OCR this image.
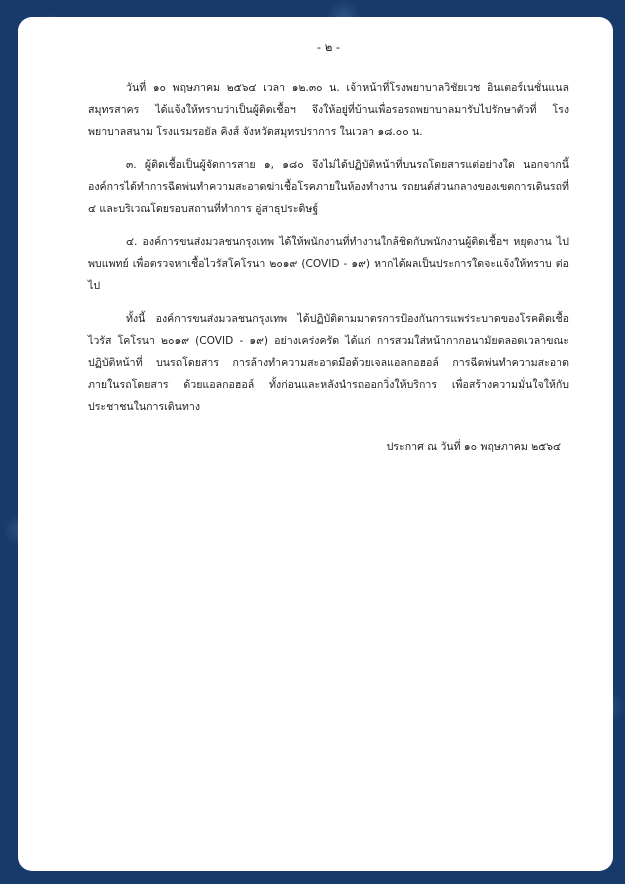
- ๒ -

วันที่ ๑๐ พฤษภาคม ๒๕๖๔ เวลา ๑๒.๓๐ น. เจ้าหน้าที่โรงพยาบาลวิชัยเวช อินเตอร์เนชั่นแนล สมุทรสาคร ได้แจ้งให้ทราบว่าเป็นผู้ติดเชื้อฯ จึงให้อยู่ที่บ้านเพื่อรอรถพยาบาลมารับไปรักษาตัวที่ โรงพยาบาลสนาม โรงแรมรอยัล คิงส์ จังหวัดสมุทรปราการ ในเวลา ๑๘.๐๐ น.

๓. ผู้ติดเชื้อเป็นผู้จัดการสาย ๑, ๑๘๐ จึงไม่ได้ปฏิบัติหน้าที่บนรถโดยสารแต่อย่างใด นอกจากนี้ องค์การได้ทำการฉีดพ่นทำความสะอาดฆ่าเชื้อโรคภายในห้องทำงาน รถยนต์ส่วนกลางของเขตการเดินรถที่ ๔ และบริเวณโดยรอบสถานที่ทำการ อู่สาธุประดิษฐ์

๔. องค์การขนส่งมวลชนกรุงเทพ ได้ให้พนักงานที่ทำงานใกล้ชิดกับพนักงานผู้ติดเชื้อฯ หยุดงาน ไปพบแพทย์ เพื่อตรวจหาเชื้อไวรัสโคโรนา ๒๐๑๙ (COVID - ๑๙) หากได้ผลเป็นประการใดจะแจ้งให้ทราบ ต่อไป

ทั้งนี้ องค์การขนส่งมวลชนกรุงเทพ ได้ปฏิบัติตามมาตรการป้องกันการแพร่ระบาดของโรคติดเชื้อไวรัส โคโรนา ๒๐๑๙ (COVID - ๑๙) อย่างเคร่งครัด ได้แก่ การสวมใส่หน้ากากอนามัยตลอดเวลาขณะปฏิบัติหน้าที่ บนรถโดยสาร การล้างทำความสะอาดมือด้วยเจลแอลกอฮอล์ การฉีดพ่นทำความสะอาดภายในรถโดยสาร ด้วยแอลกอฮอล์ ทั้งก่อนและหลังนำรถออกวิ่งให้บริการ เพื่อสร้างความมั่นใจให้กับประชาชนในการเดินทาง

ประกาศ ณ วันที่ ๑๐ พฤษภาคม ๒๕๖๔
